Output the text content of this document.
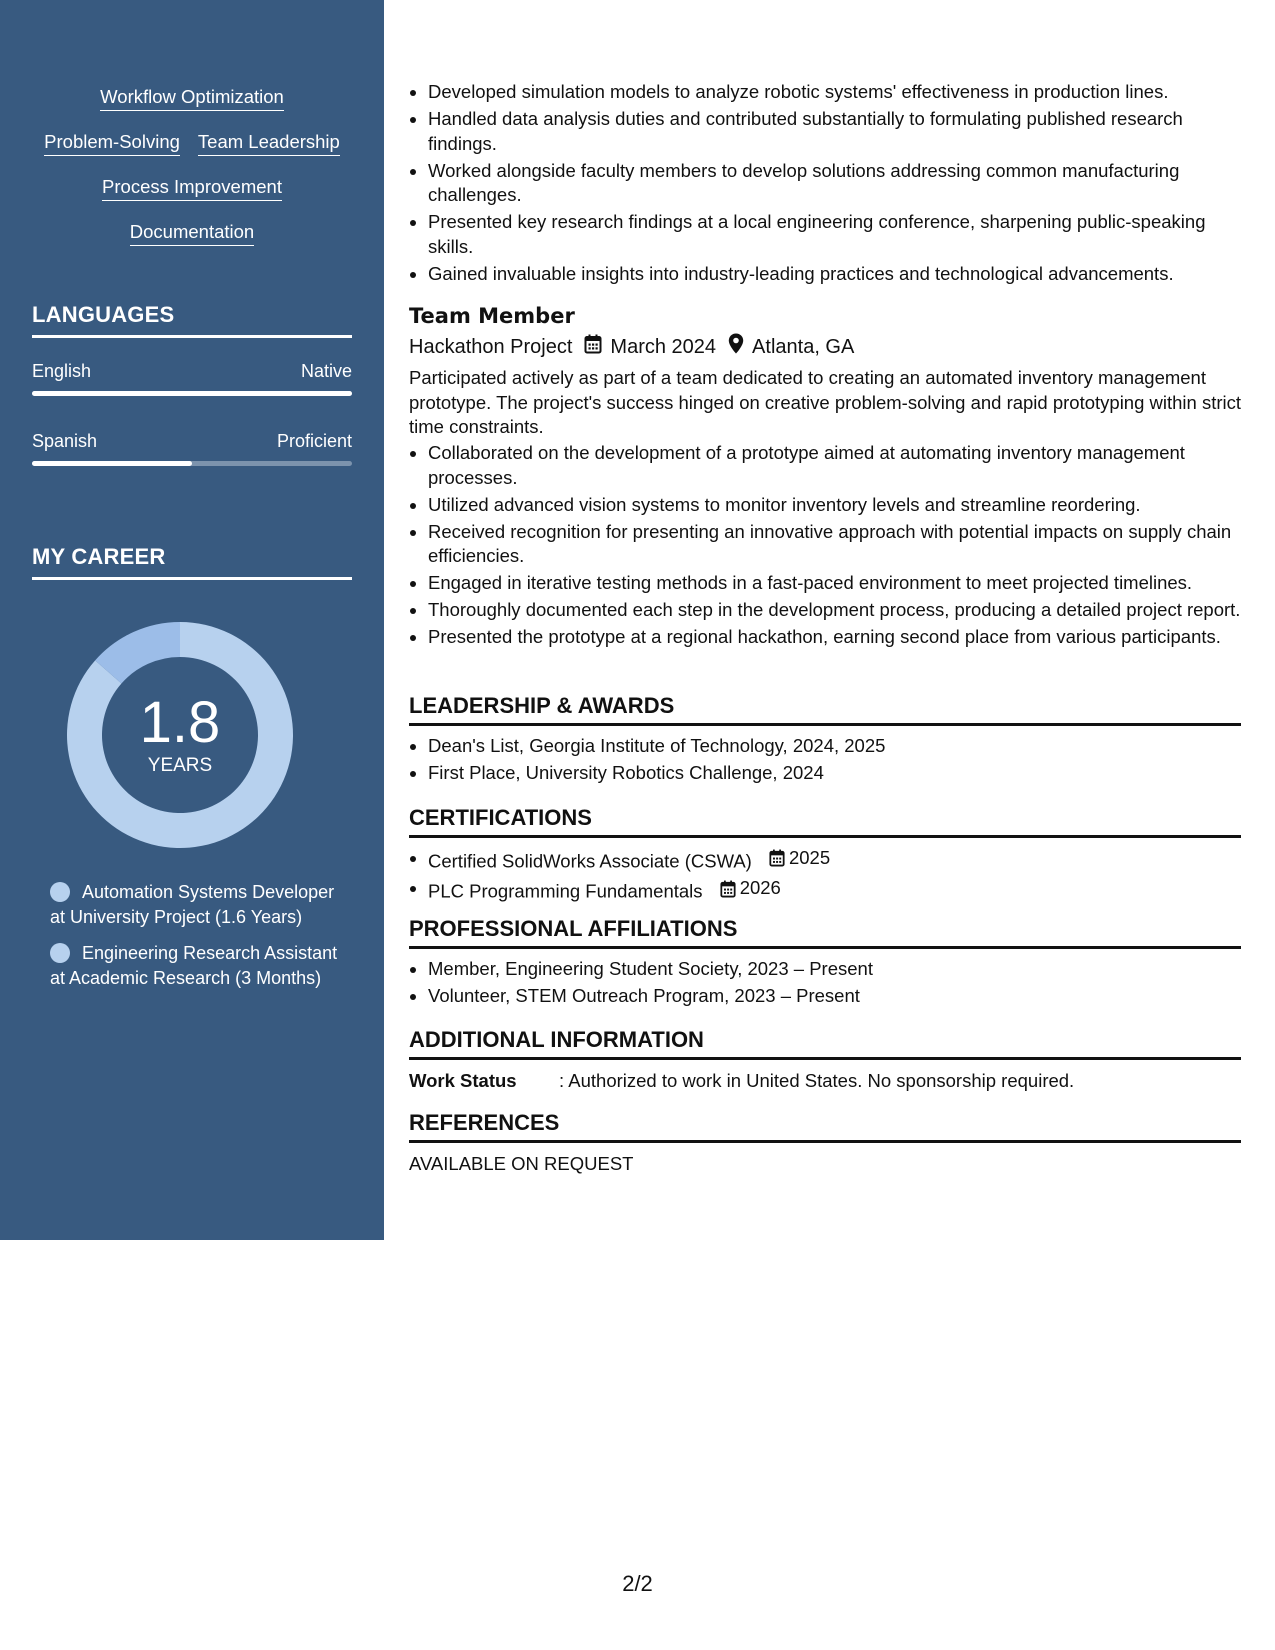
Workflow Optimization
Problem-Solving Team Leadership
Process Improvement
Documentation
LANGUAGES
English	Native
Spanish	Proficient
MY CAREER
1.8
YEARS
Automation Systems Developer at University Project (1.6 Years)
Engineering Research Assistant at Academic Research (3 Months)
Developed simulation models to analyze robotic systems' effectiveness in production lines.
Handled data analysis duties and contributed substantially to formulating published research findings.
Worked alongside faculty members to develop solutions addressing common manufacturing challenges.
Presented key research findings at a local engineering conference, sharpening public-speaking skills.
Gained invaluable insights into industry-leading practices and technological advancements.
Team Member
Hackathon Project March 2024 Atlanta, GA
Participated actively as part of a team dedicated to creating an automated inventory management prototype. The project's success hinged on creative problem-solving and rapid prototyping within strict time constraints.
Collaborated on the development of a prototype aimed at automating inventory management processes.
Utilized advanced vision systems to monitor inventory levels and streamline reordering.
Received recognition for presenting an innovative approach with potential impacts on supply chain efficiencies.
Engaged in iterative testing methods in a fast-paced environment to meet projected timelines.
Thoroughly documented each step in the development process, producing a detailed project report.
Presented the prototype at a regional hackathon, earning second place from various participants.
LEADERSHIP & AWARDS
Dean's List, Georgia Institute of Technology, 2024, 2025
First Place, University Robotics Challenge, 2024
CERTIFICATIONS
Certified SolidWorks Associate (CSWA) 2025
PLC Programming Fundamentals 2026
PROFESSIONAL AFFILIATIONS
Member, Engineering Student Society, 2023 – Present
Volunteer, STEM Outreach Program, 2023 – Present
ADDITIONAL INFORMATION
Work Status	: Authorized to work in United States. No sponsorship required.
REFERENCES
AVAILABLE ON REQUEST
2/2
